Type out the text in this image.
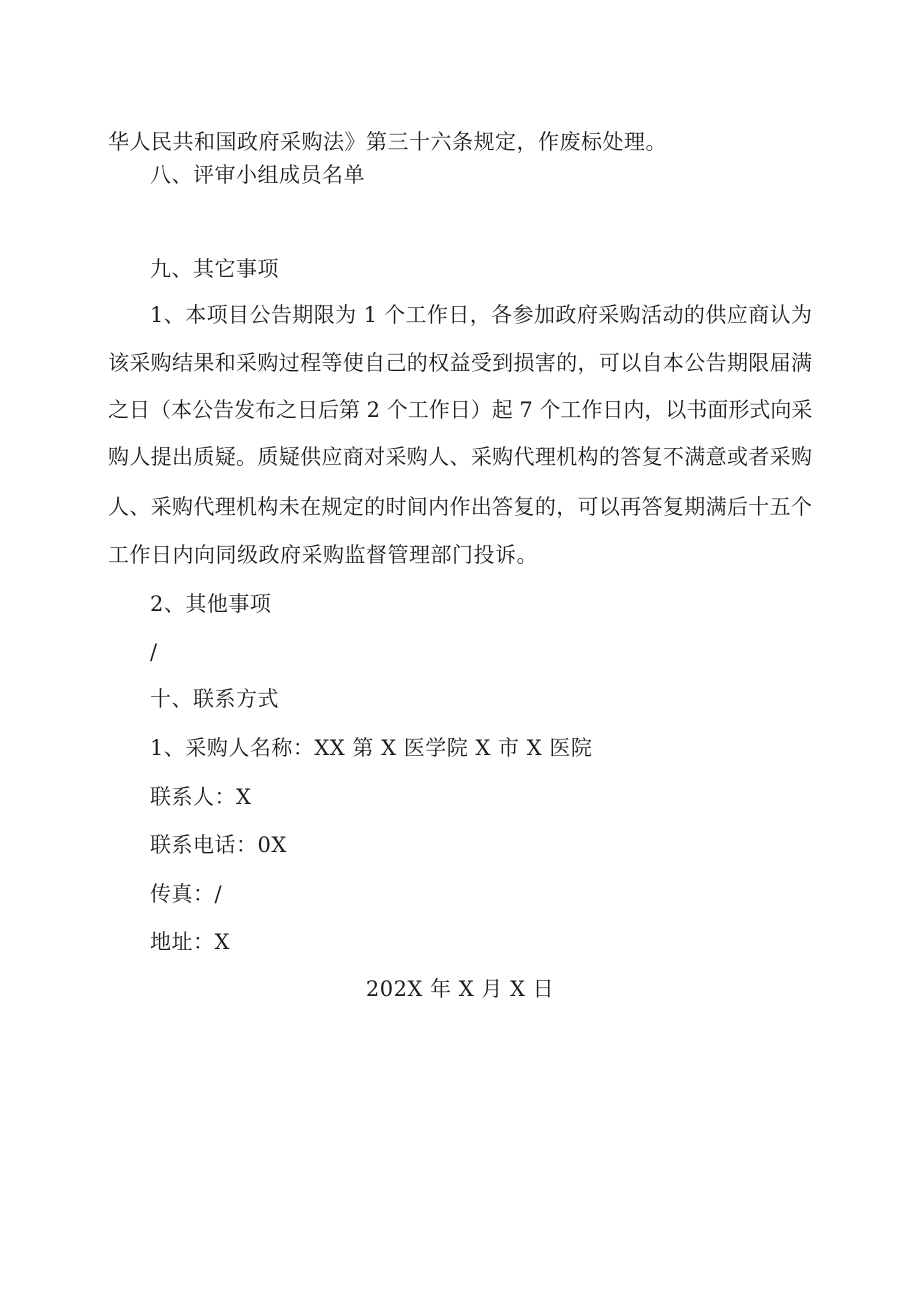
华人民共和国政府采购法》第三十六条规定，作废标处理。
八、评审小组成员名单
九、其它事项
1、本项目公告期限为 1 个工作日，各参加政府采购活动的供应商认为
该采购结果和采购过程等使自己的权益受到损害的，可以自本公告期限届满
之日（本公告发布之日后第 2 个工作日）起 7 个工作日内，以书面形式向采
购人提出质疑。质疑供应商对采购人、采购代理机构的答复不满意或者采购
人、采购代理机构未在规定的时间内作出答复的，可以再答复期满后十五个
工作日内向同级政府采购监督管理部门投诉。
2、其他事项
/
十、联系方式
1、采购人名称：XX 第 X 医学院 X 市 X 医院
联系人：X
联系电话：0X
传真：/
地址：X
202X 年 X 月 X 日
